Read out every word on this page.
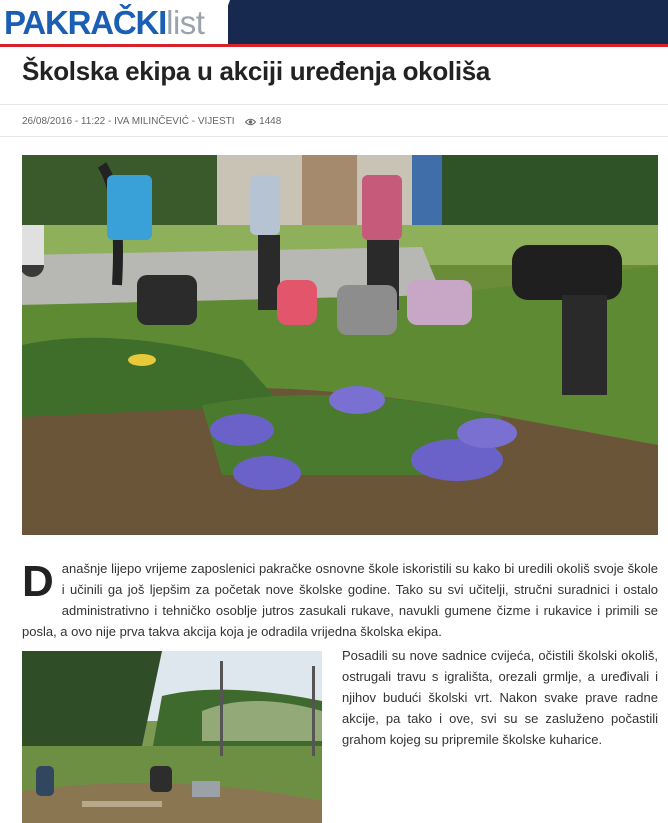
PAKRAČKIlist
Školska ekipa u akciji uređenja okoliša
26/08/2016 - 11:22 - IVA MILINČEVIĆ - VIJESTI 1448

Današnje lijepo vrijeme zaposlenici pakračke osnovne škole iskoristili su kako bi uredili okoliš svoje škole i učinili ga još ljepšim za početak nove školske godine. Tako su svi učitelji, stručni suradnici i ostalo administrativno i tehničko osoblje jutros zasukali rukave, navukli gumene čizme i rukavice i primili se posla, a ovo nije prva takva akcija koja je odradila vrijedna školska ekipa.

Posadili su nove sadnice cvijeća, očistili školski okoliš, ostrugali travu s igrališta, orezali grmlje, a uređivali i njihov budući školski vrt. Nakon svake prave radne akcije, pa tako i ove, svi su se zasluženo počastili grahom kojeg su pripremile školske kuharice.
